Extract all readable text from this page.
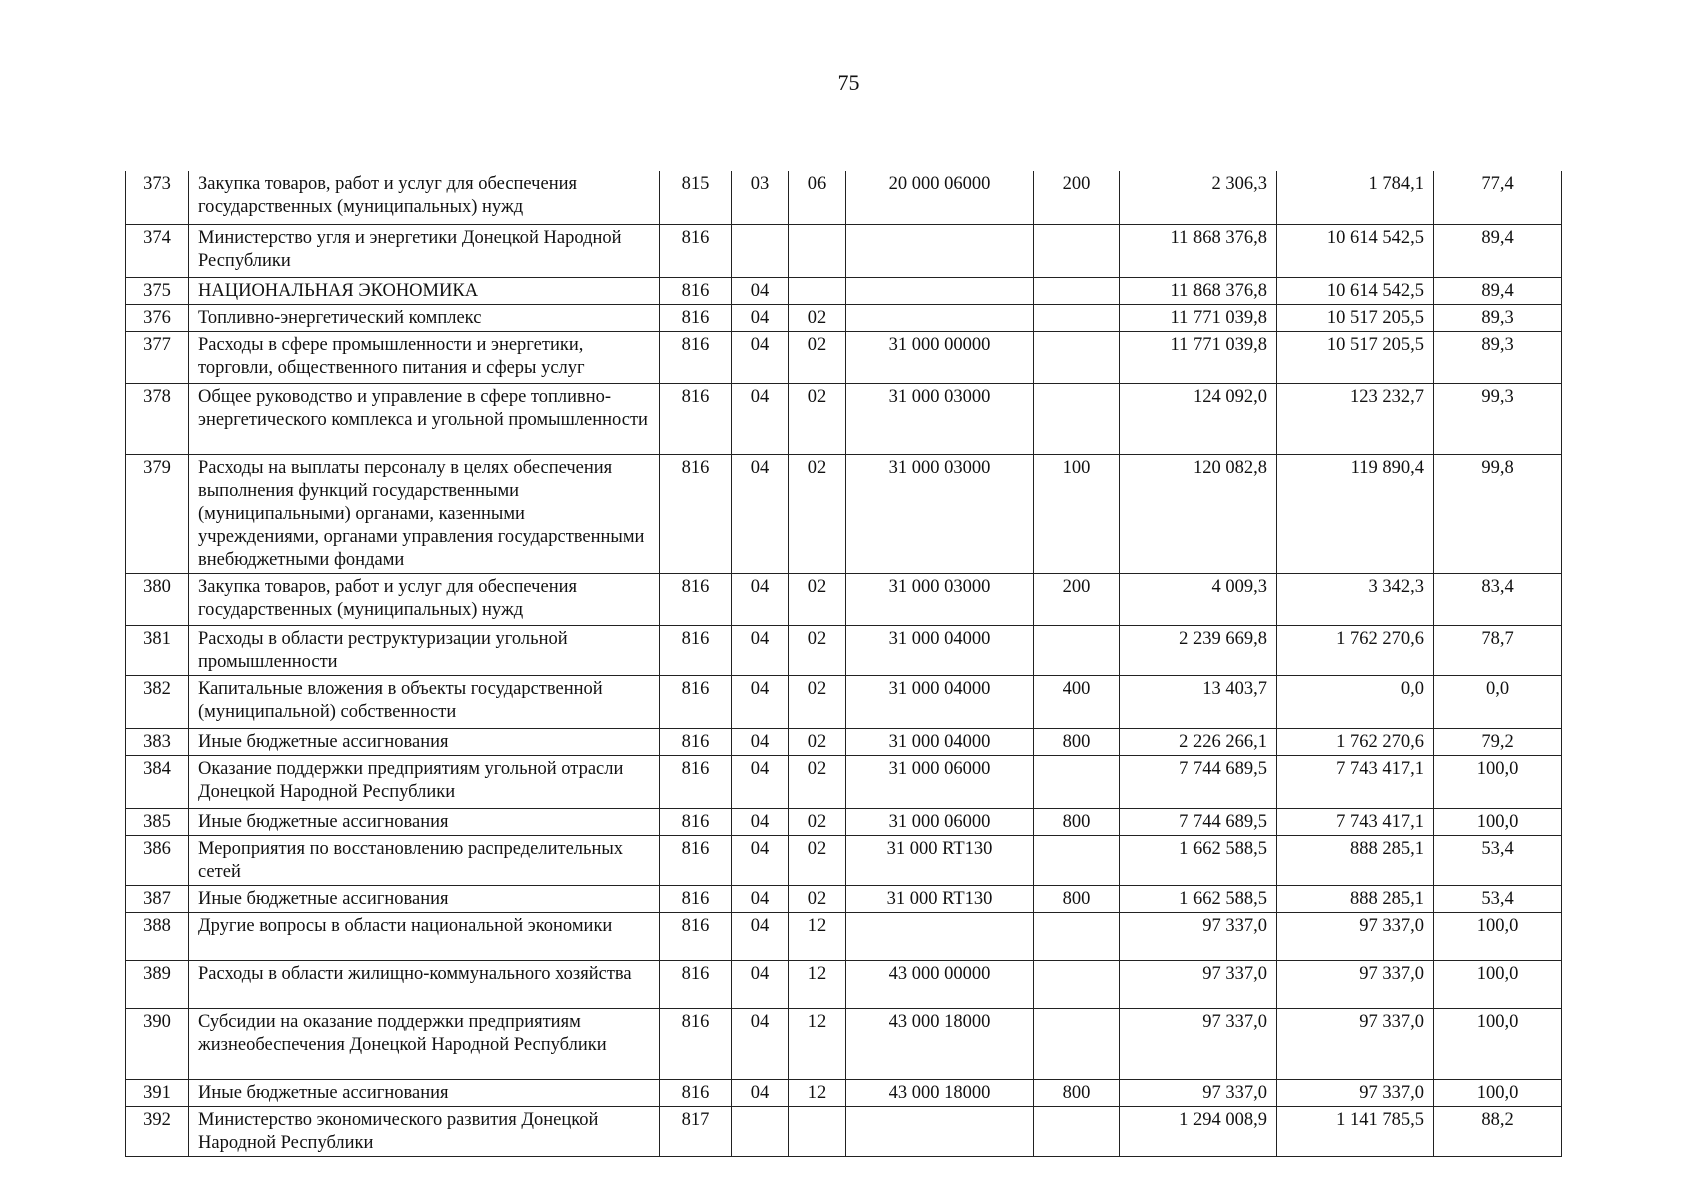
75
373	Закупка товаров, работ и услуг для обеспечения государственных (муниципальных) нужд	815	03	06	20 000 06000	200	2 306,3	1 784,1	77,4
374	Министерство угля и энергетики Донецкой Народной Республики	816					11 868 376,8	10 614 542,5	89,4
375	НАЦИОНАЛЬНАЯ ЭКОНОМИКА	816	04				11 868 376,8	10 614 542,5	89,4
376	Топливно-энергетический комплекс	816	04	02			11 771 039,8	10 517 205,5	89,3
377	Расходы в сфере промышленности и энергетики, торговли, общественного питания и сферы услуг	816	04	02	31 000 00000		11 771 039,8	10 517 205,5	89,3
378	Общее руководство и управление в сфере топливно-энергетического комплекса и угольной промышленности	816	04	02	31 000 03000		124 092,0	123 232,7	99,3
379	Расходы на выплаты персоналу в целях обеспечения выполнения функций государственными (муниципальными) органами, казенными учреждениями, органами управления государственными внебюджетными фондами	816	04	02	31 000 03000	100	120 082,8	119 890,4	99,8
380	Закупка товаров, работ и услуг для обеспечения государственных (муниципальных) нужд	816	04	02	31 000 03000	200	4 009,3	3 342,3	83,4
381	Расходы в области реструктуризации угольной промышленности	816	04	02	31 000 04000		2 239 669,8	1 762 270,6	78,7
382	Капитальные вложения в объекты государственной (муниципальной) собственности	816	04	02	31 000 04000	400	13 403,7	0,0	0,0
383	Иные бюджетные ассигнования	816	04	02	31 000 04000	800	2 226 266,1	1 762 270,6	79,2
384	Оказание поддержки предприятиям угольной отрасли Донецкой Народной Республики	816	04	02	31 000 06000		7 744 689,5	7 743 417,1	100,0
385	Иные бюджетные ассигнования	816	04	02	31 000 06000	800	7 744 689,5	7 743 417,1	100,0
386	Мероприятия по восстановлению распределительных сетей	816	04	02	31 000 RT130		1 662 588,5	888 285,1	53,4
387	Иные бюджетные ассигнования	816	04	02	31 000 RT130	800	1 662 588,5	888 285,1	53,4
388	Другие вопросы в области национальной экономики	816	04	12			97 337,0	97 337,0	100,0
389	Расходы в области жилищно-коммунального хозяйства	816	04	12	43 000 00000		97 337,0	97 337,0	100,0
390	Субсидии на оказание поддержки предприятиям жизнеобеспечения Донецкой Народной Республики	816	04	12	43 000 18000		97 337,0	97 337,0	100,0
391	Иные бюджетные ассигнования	816	04	12	43 000 18000	800	97 337,0	97 337,0	100,0
392	Министерство экономического развития Донецкой Народной Республики	817					1 294 008,9	1 141 785,5	88,2
